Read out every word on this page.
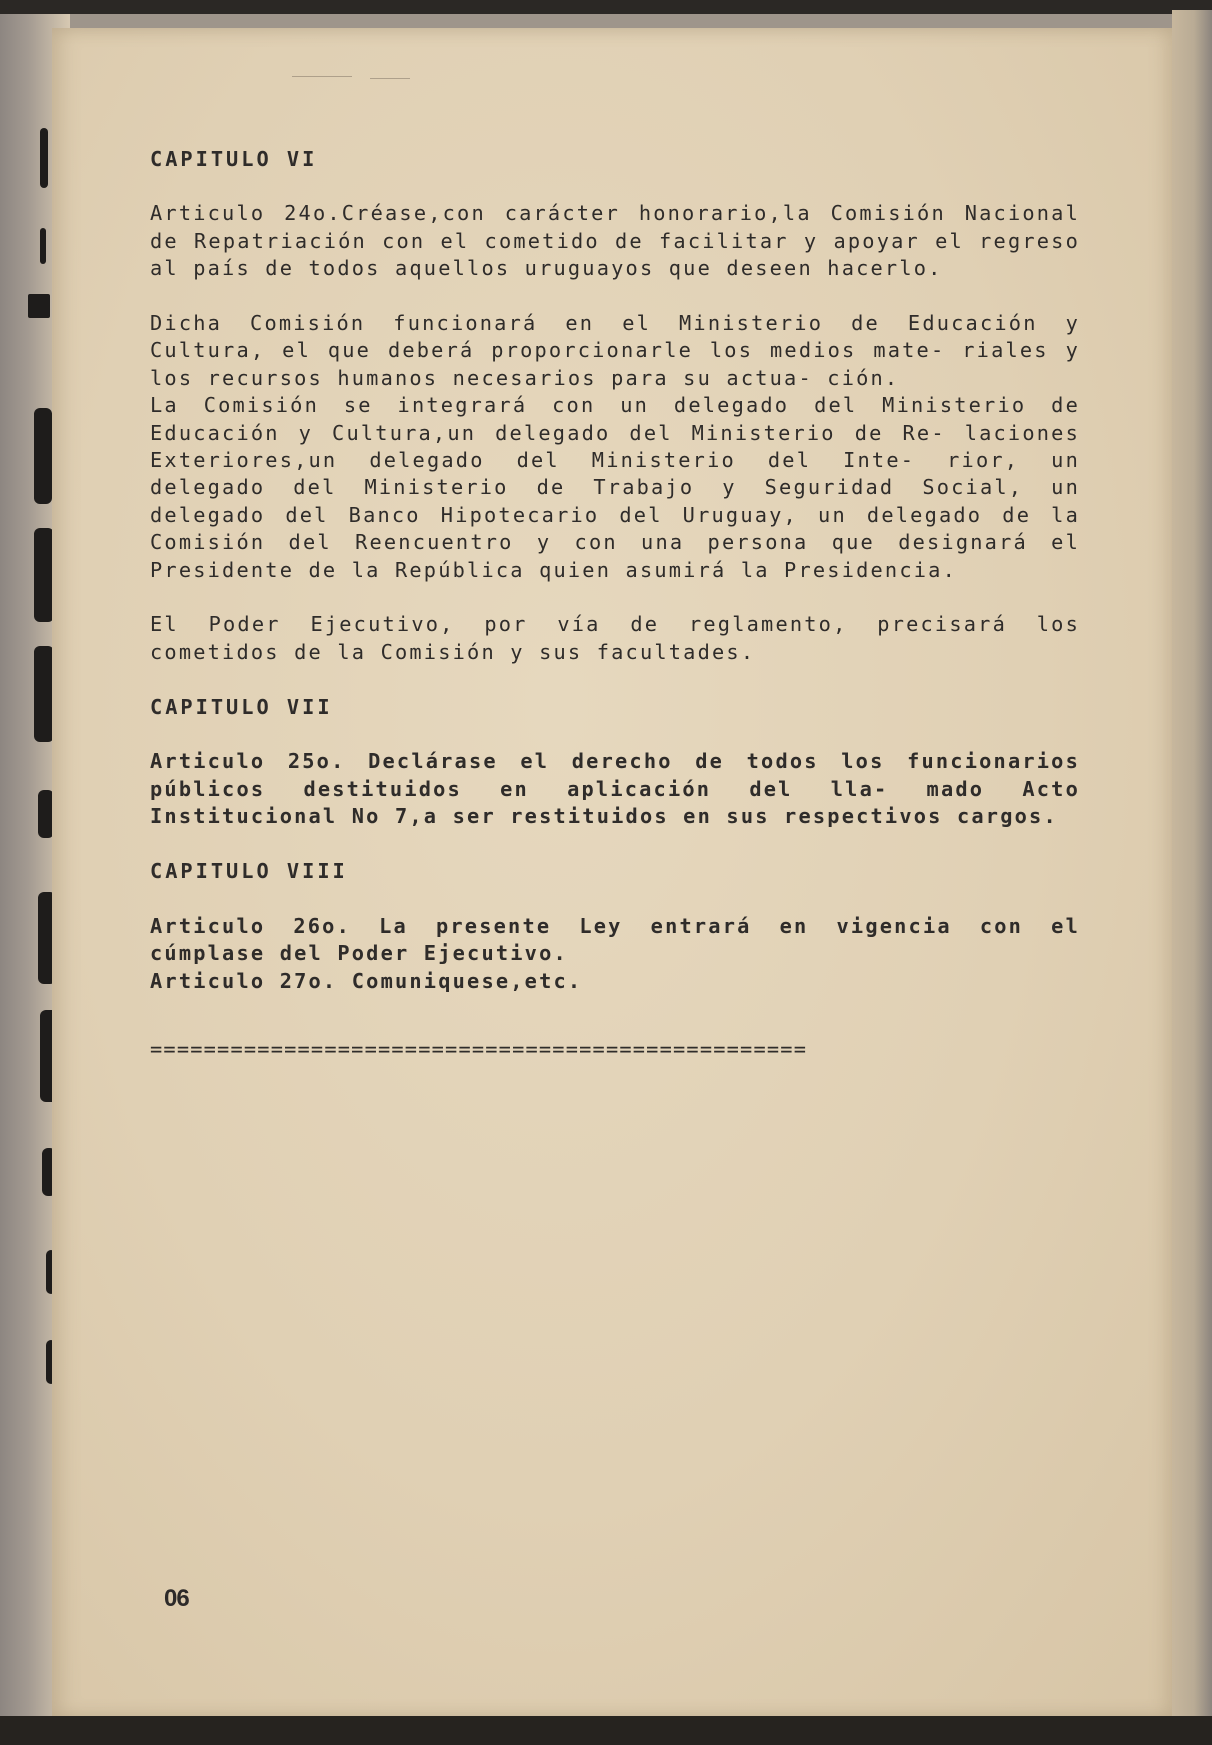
CAPITULO VI

Articulo 24o.Créase,con carácter honorario,la Comisión Nacional de Repatriación con el cometido de facilitar y apoyar el regreso al país de todos aquellos uruguayos que deseen hacerlo.

Dicha Comisión funcionará en el Ministerio de Educación y Cultura, el que deberá proporcionarle los medios mate- riales y los recursos humanos necesarios para su actua- ción.

La Comisión se integrará con un delegado del Ministerio de Educación y Cultura,un delegado del Ministerio de Re- laciones Exteriores,un delegado del Ministerio del Inte- rior, un delegado del Ministerio de Trabajo y Seguridad Social, un delegado del Banco Hipotecario del Uruguay, un delegado de la Comisión del Reencuentro y con una persona que designará el Presidente de la República quien asumirá la Presidencia.

El Poder Ejecutivo, por vía de reglamento, precisará los cometidos de la Comisión y sus facultades.

CAPITULO VII

Articulo 25o. Declárase el derecho de todos los funcionarios públicos destituidos en aplicación del lla- mado Acto Institucional No 7,a ser restituidos en sus respectivos cargos.

CAPITULO VIII

Articulo 26o. La presente Ley entrará en vigencia con el cúmplase del Poder Ejecutivo.

Articulo 27o. Comuniquese,etc.

=================================================

06
